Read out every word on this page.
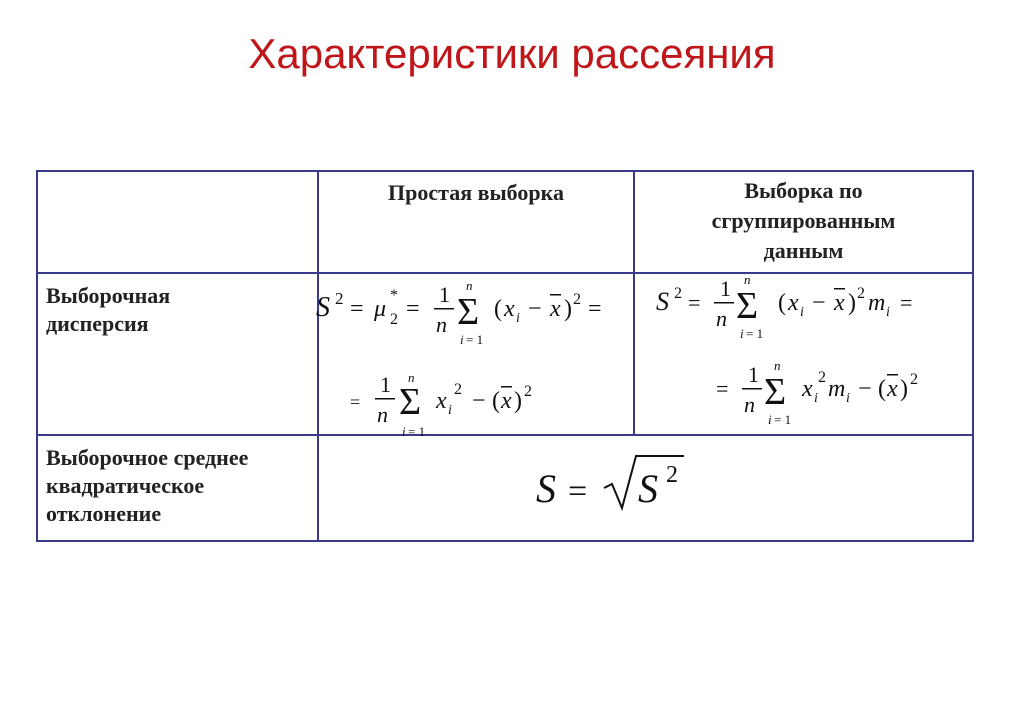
Характеристики рассеяния
Простая выборка	Выборка по
сгруппированным
данным
Выборочная
дисперсия
Выборочное среднее
квадратическое
отклонение
S 2 = μ
*
2 =
1
n
n
Σ
i = 1
( x i − x ) 2 =
=
1
n
n
Σ
i = 1
x i
2 − ( x ) 2
S 2 =
1
n
n
Σ
i = 1
( x i − x ) 2 m i =
=
1
n
n
Σ
i = 1
x i
2 m i − ( x ) 2
S = S 2
